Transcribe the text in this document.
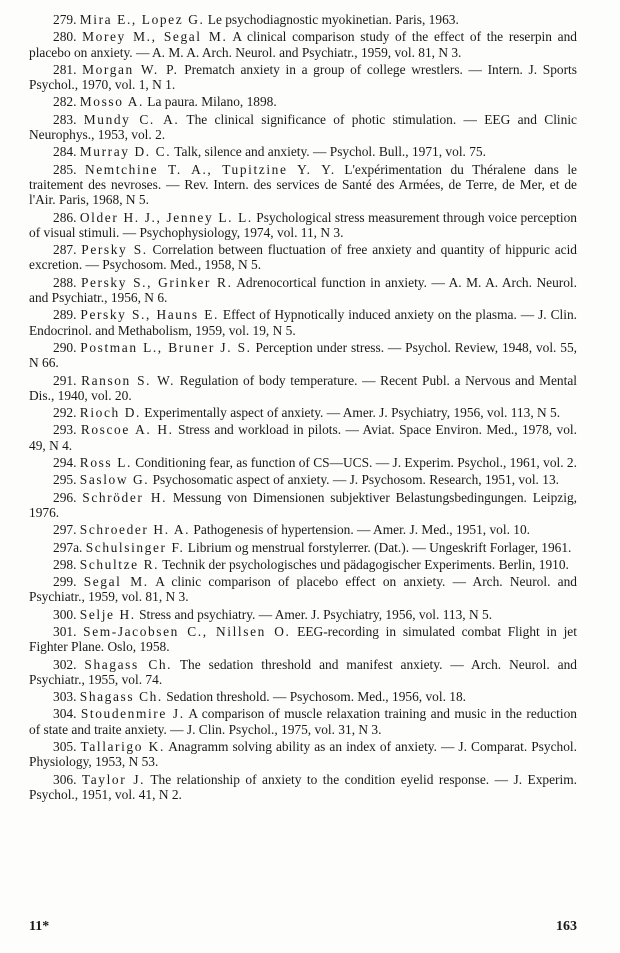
279. Mira E., Lopez G. Le psychodiagnostic myokinetian. Paris, 1963.

280. Morey M., Segal M. A clinical comparison study of the effect of the reserpin and placebo on anxiety. — A. M. A. Arch. Neurol. and Psychiatr., 1959, vol. 81, N 3.

281. Morgan W. P. Prematch anxiety in a group of college wrestlers. — Intern. J. Sports Psychol., 1970, vol. 1, N 1.

282. Mosso A. La paura. Milano, 1898.

283. Mundy C. A. The clinical significance of photic stimulation. — EEG and Clinic Neurophys., 1953, vol. 2.

284. Murray D. C. Talk, silence and anxiety. — Psychol. Bull., 1971, vol. 75.

285. Nemtchine T. A., Tupitzine Y. Y. L'expérimentation du Théralene dans le traitement des nevroses. — Rev. Intern. des services de Santé des Armées, de Terre, de Mer, et de l'Air. Paris, 1968, N 5.

286. Older H. J., Jenney L. L. Psychological stress measurement through voice perception of visual stimuli. — Psychophysiology, 1974, vol. 11, N 3.

287. Persky S. Correlation between fluctuation of free anxiety and quantity of hippuric acid excretion. — Psychosom. Med., 1958, N 5.

288. Persky S., Grinker R. Adrenocortical function in anxiety. — A. M. A. Arch. Neurol. and Psychiatr., 1956, N 6.

289. Persky S., Hauns E. Effect of Hypnotically induced anxiety on the plasma. — J. Clin. Endocrinol. and Methabolism, 1959, vol. 19, N 5.

290. Postman L., Bruner J. S. Perception under stress. — Psychol. Review, 1948, vol. 55, N 66.

291. Ranson S. W. Regulation of body temperature. — Recent Publ. a Nervous and Mental Dis., 1940, vol. 20.

292. Rioch D. Experimentally aspect of anxiety. — Amer. J. Psychiatry, 1956, vol. 113, N 5.

293. Roscoe A. H. Stress and workload in pilots. — Aviat. Space Environ. Med., 1978, vol. 49, N 4.

294. Ross L. Conditioning fear, as function of CS—UCS. — J. Experim. Psychol., 1961, vol. 2.

295. Saslow G. Psychosomatic aspect of anxiety. — J. Psychosom. Research, 1951, vol. 13.

296. Schröder H. Messung von Dimensionen subjektiver Belastungsbedingungen. Leipzig, 1976.

297. Schroeder H. A. Pathogenesis of hypertension. — Amer. J. Med., 1951, vol. 10.

297a. Schulsinger F. Librium og menstrual forstylerrer. (Dat.). — Ungeskrift Forlager, 1961.

298. Schultze R. Technik der psychologisches und pädagogischer Experiments. Berlin, 1910.

299. Segal M. A clinic comparison of placebo effect on anxiety. — Arch. Neurol. and Psychiatr., 1959, vol. 81, N 3.

300. Selje H. Stress and psychiatry. — Amer. J. Psychiatry, 1956, vol. 113, N 5.

301. Sem-Jacobsen C., Nillsen O. EEG-recording in simulated combat Flight in jet Fighter Plane. Oslo, 1958.

302. Shagass Ch. The sedation threshold and manifest anxiety. — Arch. Neurol. and Psychiatr., 1955, vol. 74.

303. Shagass Ch. Sedation threshold. — Psychosom. Med., 1956, vol. 18.

304. Stoudenmire J. A comparison of muscle relaxation training and music in the reduction of state and traite anxiety. — J. Clin. Psychol., 1975, vol. 31, N 3.

305. Tallarigo K. Anagramm solving ability as an index of anxiety. — J. Comparat. Psychol. Physiology, 1953, N 53.

306. Taylor J. The relationship of anxiety to the condition eyelid response. — J. Experim. Psychol., 1951, vol. 41, N 2.

11*	163
